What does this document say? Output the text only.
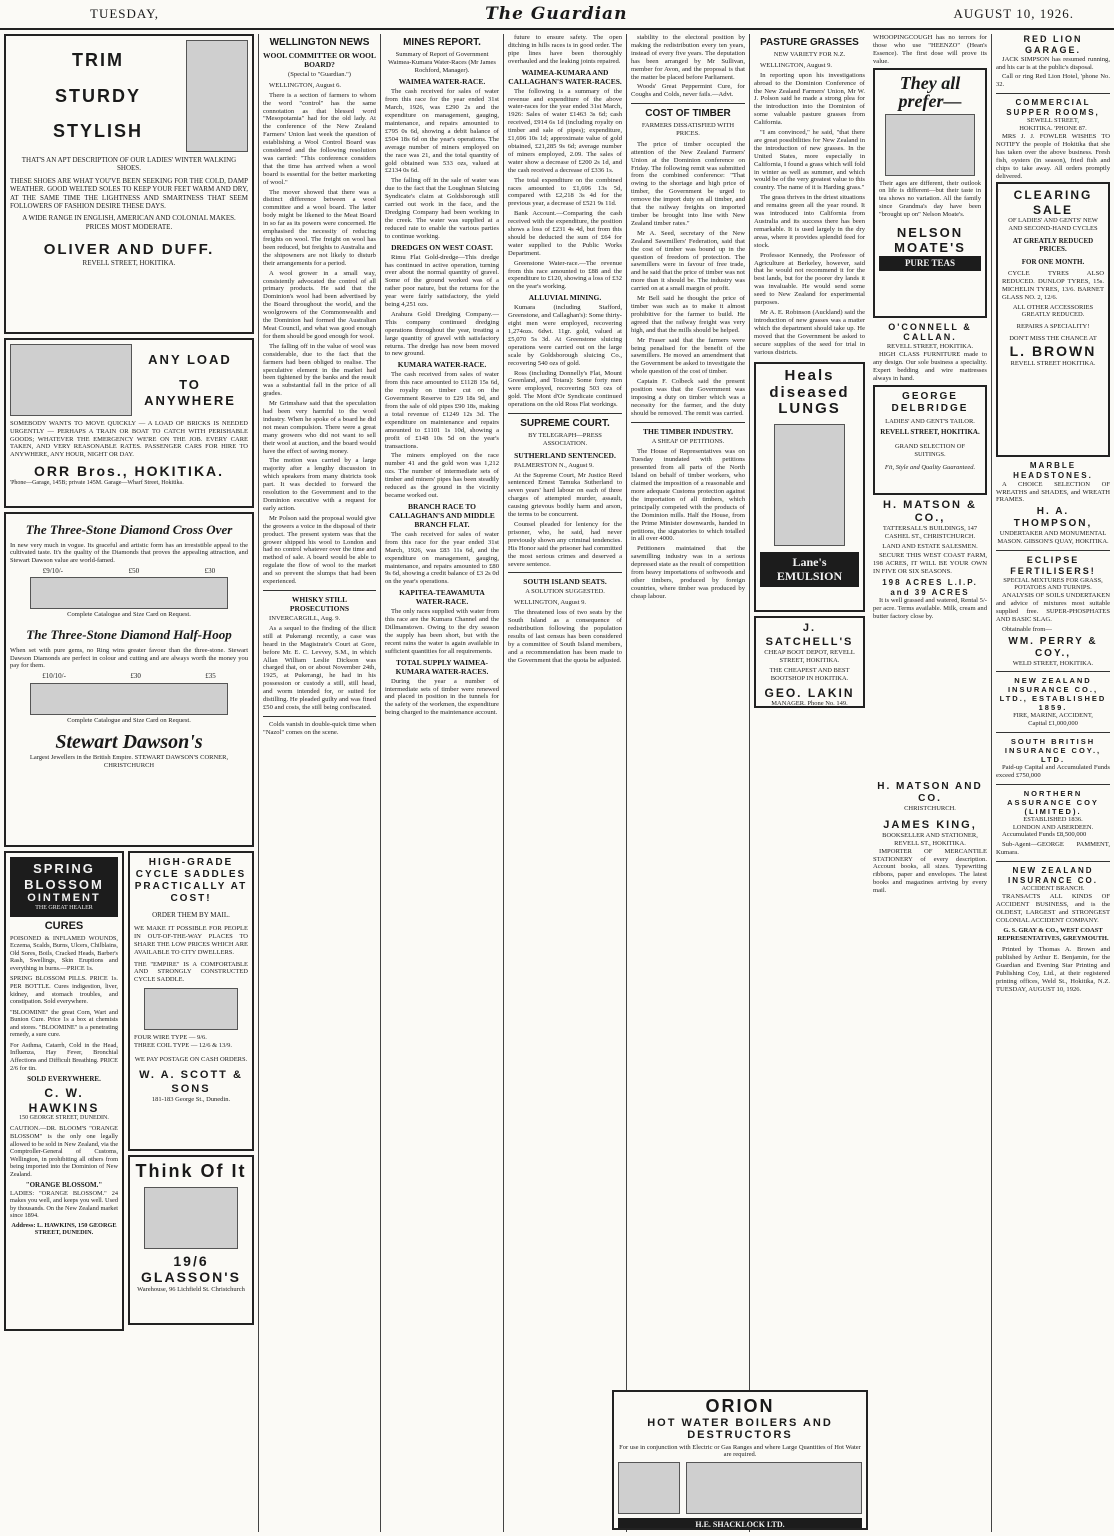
TUESDAY,	The Guardian	AUGUST 10, 1926.
TRIM
STURDY
STYLISH
THAT'S AN APT DESCRIPTION OF OUR LADIES' WINTER WALKING SHOES.
THESE SHOES ARE WHAT YOU'VE BEEN SEEKING FOR THE COLD, DAMP WEATHER. GOOD WELTED SOLES TO KEEP YOUR FEET WARM AND DRY, AT THE SAME TIME THE LIGHTNESS AND SMARTNESS THAT SEEM FOLLOWERS OF FASHION DESIRE THESE DAYS.
A WIDE RANGE IN ENGLISH, AMERICAN AND COLONIAL MAKES. PRICES MOST MODERATE.
OLIVER AND DUFF.
REVELL STREET, HOKITIKA.
ANY LOAD
TO ANYWHERE
SOMEBODY WANTS TO MOVE QUICKLY — A LOAD OF BRICKS IS NEEDED URGENTLY — PERHAPS A TRAIN OR BOAT TO CATCH WITH PERISHABLE GOODS; WHATEVER THE EMERGENCY WE'RE ON THE JOB. EVERY CARE TAKEN, AND VERY REASONABLE RATES. PASSENGER CARS FOR HIRE TO ANYWHERE, ANY HOUR, NIGHT OR DAY.
ORR Bros., HOKITIKA.
'Phone—Garage, 145B; private 145M. Garage—Wharf Street, Hokitika.
The Three-Stone Diamond Cross Over
In new very much in vogue. Its graceful and artistic form has an irresistible appeal to the cultivated taste. It's the quality of the Diamonds that proves the appealing attraction, and Stewart Dawson value are world-famed.
£9/10/-	£50	£30
Complete Catalogue and Size Card on Request.
The Three-Stone Diamond Half-Hoop
When set with pure gems, no Ring wins greater favour than the three-stone. Stewart Dawson Diamonds are perfect in colour and cutting and are always worth the money you pay for them.
£10/10/-	£30	£35
Complete Catalogue and Size Card on Request.
Stewart Dawson's
Largest Jewellers in the British Empire. STEWART DAWSON'S CORNER, CHRISTCHURCH
SPRING
BLOSSOM
OINTMENT
THE GREAT HEALER
CURES
POISONED & INFLAMED WOUNDS, Eczema, Scalds, Burns, Ulcers, Chilblains, Old Sores, Boils, Cracked Heads, Barber's Rash, Swellings, Skin Eruptions and everything in burns.—PRICE 1s.
SPRING BLOSSOM PILLS. PRICE 1s. PER BOTTLE. Cures indigestion, liver, kidney, and stomach troubles, and constipation. Sold everywhere.
"BLOOMINE" the great Corn, Wart and Bunion Cure. Price 1s a box at chemists and stores. "BLOOMINE" is a penetrating remedy, a sure cure.
For Asthma, Catarrh, Cold in the Head, Influenza, Hay Fever, Bronchial Affections and Difficult Breathing. PRICE 2/6 for tin.
SOLD EVERYWHERE.
C. W. HAWKINS
150 GEORGE STREET, DUNEDIN.
CAUTION.—DR. BLOOM'S "ORANGE BLOSSOM" is the only one legally allowed to be sold in New Zealand, via the Comptroller-General of Customs, Wellington, in prohibiting all others from being imported into the Dominion of New Zealand.
"ORANGE BLOSSOM."
LADIES: "ORANGE BLOSSOM." 24 makes you well, and keeps you well. Used by thousands. On the New Zealand market since 1894.
Address: L. HAWKINS, 150 GEORGE STREET, DUNEDIN.
HIGH-GRADE CYCLE SADDLES PRACTICALLY AT COST!
ORDER THEM BY MAIL.
WE MAKE IT POSSIBLE FOR PEOPLE IN OUT-OF-THE-WAY PLACES TO SHARE THE LOW PRICES WHICH ARE AVAILABLE TO CITY DWELLERS.
THE "EMPIRE" IS A COMFORTABLE AND STRONGLY CONSTRUCTED CYCLE SADDLE.
FOUR WIRE TYPE — 9/6.
THREE COIL TYPE — 12/6 & 13/9.
WE PAY POSTAGE ON CASH ORDERS.
W. A. SCOTT & SONS
181-183 George St., Dunedin.
Think Of It
19/6
GLASSON'S
Warehouse, 96 Lichfield St. Christchurch
WELLINGTON NEWS
WOOL COMMITTEE OR WOOL BOARD?
(Special to "Guardian.")

WELLINGTON, August 6.

There is a section of farmers to whom the word "control" has the same connotation as that blessed word "Mesopotamia" had for the old lady. At the conference of the New Zealand Farmers' Union last week the question of establishing a Wool Control Board was considered and the following resolution was carried: "This conference considers that the time has arrived when a wool board is essential for the better marketing of wool."

The mover showed that there was a distinct difference between a wool committee and a wool board. The latter body might be likened to the Meat Board in so far as its powers were concerned. He emphasised the necessity of reducing freights on wool. The freight on wool has been reduced, but freights to Australia and the shipowners are not likely to disturb their arrangements for a period.

A wool grower in a small way, consistently advocated the control of all primary products. He said that the Dominion's wool had been advertised by the Board throughout the world, and the woolgrowers of the Commonwealth and the Dominion had formed the Australian Meat Council, and what was good enough for them should be good enough for wool.

The falling off in the value of wool was considerable, due to the fact that the farmers had been obliged to realise. The speculative element in the market had been tightened by the banks and the result was a substantial fall in the price of all grades.

Mr Grimshaw said that the speculation had been very harmful to the wool industry. When he spoke of a board he did not mean compulsion. There were a great many growers who did not want to sell their wool at auction, and the board would have the effect of saving money.

The motion was carried by a large majority after a lengthy discussion in which speakers from many districts took part. It was decided to forward the resolution to the Government and to the Dominion executive with a request for early action.

Mr Polson said the proposal would give the growers a voice in the disposal of their product. The present system was that the grower shipped his wool to London and had no control whatever over the time and method of sale. A board would be able to regulate the flow of wool to the market and so prevent the slumps that had been experienced.

WHISKY STILL PROSECUTIONS

INVERCARGILL, Aug. 9.

As a sequel to the finding of the illicit still at Pukerangi recently, a case was heard in the Magistrate's Court at Gore, before Mr. E. C. Levvey, S.M., in which Allan William Leslie Dickson was charged that, on or about November 24th, 1925, at Pukerangi, he had in his possession or custody a still, still head, and worm intended for, or suited for distilling. He pleaded guilty and was fined £50 and costs, the still being confiscated.

Colds vanish in double-quick time when "Nazol" comes on the scene.

MINES REPORT.
Summary of Report of Government Waimea-Kumara Water-Races (Mr James Rochford, Manager).
WAIMEA WATER-RACE.

The cash received for sales of water from this race for the year ended 31st March, 1926, was £290 2s and the expenditure on management, gauging, maintenance, and repairs amounted to £795 0s 6d, showing a debit balance of £504 18s 6d on the year's operations. The average number of miners employed on the race was 21, and the total quantity of gold obtained was 533 ozs, valued at £2134 0s 6d.

The falling off in the sale of water was due to the fact that the Loughnan Sluicing Syndicate's claim at Goldsborough still carried out work in the face, and the Dredging Company had been working in the creek. The water was supplied at a reduced rate to enable the various parties to continue working.

DREDGES ON WEST COAST.

Rimu Flat Gold-dredge—This dredge has continued in active operation, turning over about the normal quantity of gravel. Some of the ground worked was of a rather poor nature, but the returns for the year were fairly satisfactory, the yield being 4,251 ozs.

Arahura Gold Dredging Company.—This company continued dredging operations throughout the year, treating a large quantity of gravel with satisfactory returns. The dredge has now been moved to new ground.

KUMARA WATER-RACE.

The cash received from sales of water from this race amounted to £1128 15s 6d, the royalty on timber cut on the Government Reserve to £29 18s 9d, and from the sale of old pipes £90 18s, making a total revenue of £1249 12s 3d. The expenditure on maintenance and repairs amounted to £1101 1s 10d, showing a profit of £148 10s 5d on the year's transactions.

The miners employed on the race number 41 and the gold won was 1,212 ozs. The number of intermediate sets of timber and miners' pipes has been steadily reduced as the ground in the vicinity became worked out.

BRANCH RACE TO CALLAGHAN'S AND MIDDLE BRANCH FLAT.

The cash received for sales of water from this race for the year ended 31st March, 1926, was £83 11s 6d, and the expenditure on management, gauging, maintenance, and repairs amounted to £80 9s 6d, showing a credit balance of £3 2s 0d on the year's operations.

KAPITEA-TEAWAMUTA WATER-RACE.

The only races supplied with water from this race are the Kumara Channel and the Dillmanstown. Owing to the dry season the supply has been short, but with the recent rains the water is again available in sufficient quantities for all requirements.

TOTAL SUPPLY WAIMEA-KUMARA WATER-RACES.

During the year a number of intermediate sets of timber were renewed and placed in position in the tunnels for the safety of the workmen, the expenditure being charged to the maintenance account.

future to ensure safety. The open ditching in hills races is in good order. The pipe lines have been thoroughly overhauled and the leaking joints repaired.

WAIMEA-KUMARA AND CALLAGHAN'S WATER-RACES.

The following is a summary of the revenue and expenditure of the above water-races for the year ended 31st March, 1926: Sales of water £1463 3s 6d; cash received, £914 6s 1d (including royalty on timber and sale of pipes); expenditure, £1,696 10s 1d; approximate value of gold obtained, £21,285 9s 6d; average number of miners employed, 2.09. The sales of water show a decrease of £200 2s 1d, and the cash received a decrease of £336 1s.

The total expenditure on the combined races amounted to £1,696 13s 5d, compared with £2,218 3s 4d for the previous year, a decrease of £521 9s 11d.

Bank Account.—Comparing the cash received with the expenditure, the position shows a loss of £231 4s 4d, but from this should be deducted the sum of £64 for water supplied to the Public Works Department.

Greenstone Water-race.—The revenue from this race amounted to £88 and the expenditure to £120, showing a loss of £32 on the year's working.

ALLUVIAL MINING.

Kumara (including Stafford, Greenstone, and Callaghan's): Some thirty-eight men were employed, recovering 1,274ozs. 6dwt. 11gr. gold, valued at £5,070 5s 3d. At Greenstone sluicing operations were carried out on the large scale by Goldsborough sluicing Co., recovering 540 ozs of gold.

Ross (including Donnelly's Flat, Mount Greenland, and Totara): Some forty men were employed, recovering 503 ozs of gold. The Mont d'Or Syndicate continued operations on the old Ross Flat workings.

SUPREME COURT.
BY TELEGRAPH—PRESS ASSOCIATION.
SUTHERLAND SENTENCED.

PALMERSTON N., August 9.

At the Supreme Court, Mr Justice Reed sentenced Ernest Tamuka Sutherland to seven years' hard labour on each of three charges of attempted murder, assault, causing grievous bodily harm and arson, the terms to be concurrent.

Counsel pleaded for leniency for the prisoner, who, he said, had never previously shown any criminal tendencies. His Honor said the prisoner had committed the most serious crimes and deserved a severe sentence.

SOUTH ISLAND SEATS.
A SOLUTION SUGGESTED.

WELLINGTON, August 9.

The threatened loss of two seats by the South Island as a consequence of redistribution following the population results of last census has been considered by a committee of South Island members, and a recommendation has been made to the Government that the quota be adjusted.

stability to the electoral position by making the redistribution every ten years, instead of every five years. The deputation has been arranged by Mr Sullivan, member for Avon, and the proposal is that the matter be placed before Parliament.

Woods' Great Peppermint Cure, for Coughs and Colds, never fails.—Advt.

COST OF TIMBER
FARMERS DISSATISFIED WITH PRICES.

The price of timber occupied the attention of the New Zealand Farmers' Union at the Dominion conference on Friday. The following remit was submitted from the combined conference: "That owing to the shortage and high price of timber, the Government be urged to remove the import duty on all timber, and that the railway freights on imported timber be brought into line with New Zealand timber rates."

Mr A. Seed, secretary of the New Zealand Sawmillers' Federation, said that the cost of timber was bound up in the question of freedom of protection. The sawmillers were in favour of free trade, and he said that the price of timber was not more than it should be. The industry was carried on at a small margin of profit.

Mr Bell said he thought the price of timber was such as to make it almost prohibitive for the farmer to build. He agreed that the railway freight was very high, and that the mills should be helped.

Mr Fraser said that the farmers were being penalised for the benefit of the sawmillers. He moved an amendment that the Government be asked to investigate the whole question of the cost of timber.

Captain F. Colbeck said the present position was that the Government was imposing a duty on timber which was a necessity for the farmer, and the duty should be removed. The remit was carried.

THE TIMBER INDUSTRY.
A SHEAF OF PETITIONS.

The House of Representatives was on Tuesday inundated with petitions presented from all parts of the North Island on behalf of timber workers, who claimed the imposition of a reasonable and more adequate Customs protection against the importation of all timbers, which principally competed with the products of the Dominion mills. Half the House, from the Prime Minister downwards, handed in petitions, the signatories to which totalled in all over 4000.

Petitioners maintained that the sawmilling industry was in a serious depressed state as the result of competition from heavy importations of softwoods and other timbers, produced by foreign countries, where timber was produced by cheap labour.

PASTURE GRASSES
NEW VARIETY FOR N.Z.

WELLINGTON, August 9.

In reporting upon his investigations abroad to the Dominion Conference of the New Zealand Farmers' Union, Mr W. J. Polson said he made a strong plea for the introduction into the Dominion of some valuable pasture grasses from California.

"I am convinced," he said, "that there are great possibilities for New Zealand in the introduction of new grasses. In the United States, more especially in California, I found a grass which will fold in winter as well as summer, and which would be of the very greatest value to this country. The name of it is Harding grass."

The grass thrives in the driest situations and remains green all the year round. It was introduced into California from Australia and its success there has been remarkable. It is used largely in the dry areas, where it provides splendid feed for stock.

Professor Kennedy, the Professor of Agriculture at Berkeley, however, said that he would not recommend it for the best lands, but for the poorer dry lands it was invaluable. He would send some seed to New Zealand for experimental purposes.

Mr A. E. Robinson (Auckland) said the introduction of new grasses was a matter which the department should take up. He moved that the Government be asked to secure supplies of the seed for trial in various districts.

Heals diseased LUNGS
Lane's EMULSION
J. SATCHELL'S
CHEAP BOOT DEPOT, REVELL STREET, HOKITIKA.
THE CHEAPEST AND BEST BOOTSHOP IN HOKITIKA.
GEO. LAKIN
MANAGER. Phone No. 149.
ORION
HOT WATER BOILERS AND DESTRUCTORS
For use in conjunction with Electric or Gas Ranges and where Large Quantities of Hot Water are required.
H.E. SHACKLOCK LTD.

WHOOPINGCOUGH has no terrors for those who use "HEENZO" (Hean's Essence). The first dose will prove its value.

They all prefer—
Their ages are different, their outlook on life is different—but their taste in tea shows no variation. All the family since Grandma's day have been "brought up on" Nelson Moate's.
NELSON MOATE'S
PURE TEAS
O'CONNELL & CALLAN.
REVELL STREET, HOKITIKA.

HIGH CLASS FURNITURE made to any design. Our sole business a speciality. Expert bedding and wire mattresses always in hand.

GEORGE DELBRIDGE
LADIES' AND GENT'S TAILOR.
REVELL STREET, HOKITIKA.
GRAND SELECTION OF SUITINGS.
Fit, Style and Quality Guaranteed.
H. MATSON & CO.,
TATTERSALL'S BUILDINGS, 147 CASHEL ST., CHRISTCHURCH.
LAND AND ESTATE SALESMEN.

SECURE THIS WEST COAST FARM, 198 ACRES, IT WILL BE YOUR OWN IN FIVE OR SIX SEASONS.

198 ACRES L.I.P. and 39 ACRES

It is well grassed and watered, Rental 5/- per acre. Terms available. Milk, cream and butter factory close by.

H. MATSON AND CO.
CHRISTCHURCH.
JAMES KING,
BOOKSELLER AND STATIONER,
REVELL ST., HOKITIKA.

IMPORTER OF MERCANTILE STATIONERY of every description. Account books, all sizes. Typewriting ribbons, paper and envelopes. The latest books and magazines arriving by every mail.

RED LION GARAGE.

JACK SIMPSON has resumed running, and his car is at the public's disposal.

Call or ring Red Lion Hotel, 'phone No. 32.

COMMERCIAL SUPPER ROOMS,
SEWELL STREET,
HOKITIKA. 'PHONE 87.

MRS J. J. FOWLER WISHES TO NOTIFY the people of Hokitika that she has taken over the above business. Fresh fish, oysters (in season), fried fish and chips to take away. All orders promptly delivered.

CLEARING SALE
OF LADIES' AND GENTS' NEW AND SECOND-HAND CYCLES
AT GREATLY REDUCED PRICES.
FOR ONE MONTH.

CYCLE TYRES ALSO REDUCED. DUNLOP TYRES, 15s. MICHELIN TYRES, 13/6. BARNET GLASS NO. 2, 12/6.

ALL OTHER ACCESSORIES GREATLY REDUCED.
REPAIRS A SPECIALITY!
DON'T MISS THE CHANCE AT
L. BROWN
REVELL STREET HOKITIKA.
MARBLE HEADSTONES.

A CHOICE SELECTION OF WREATHS and SHADES, and WREATH FRAMES.

H. A. THOMPSON,
UNDERTAKER AND MONUMENTAL MASON. GIBSON'S QUAY, HOKITIKA.
ECLIPSE FERTILISERS!
SPECIAL MIXTURES FOR GRASS, POTATOES AND TURNIPS.

ANALYSIS OF SOILS UNDERTAKEN and advice of mixtures most suitable supplied free. SUPER-PHOSPHATES AND BASIC SLAG.

Obtainable from—

WM. PERRY & COY.,
WELD STREET, HOKITIKA.
NEW ZEALAND INSURANCE CO., LTD., ESTABLISHED 1859.
FIRE, MARINE, ACCIDENT,
Capital £1,000,000
SOUTH BRITISH INSURANCE COY., LTD.

Paid-up Capital and Accumulated Funds exceed £750,000

NORTHERN ASSURANCE COY (LIMITED).
ESTABLISHED 1836.
LONDON AND ABERDEEN.

Accumulated Funds £8,500,000

Sub-Agent—GEORGE PAMMENT, Kumara.

NEW ZEALAND INSURANCE CO.
ACCIDENT BRANCH.

TRANSACTS ALL KINDS OF ACCIDENT BUSINESS, and is the OLDEST, LARGEST and STRONGEST COLONIAL ACCIDENT COMPANY.

G. S. GRAY & CO., WEST COAST REPRESENTATIVES, GREYMOUTH.

Printed by Thomas A. Brown and published by Arthur E. Benjamin, for the Guardian and Evening Star Printing and Publishing Coy, Ltd., at their registered printing offices, Weld St., Hokitika, N.Z. TUESDAY, AUGUST 10, 1926.
